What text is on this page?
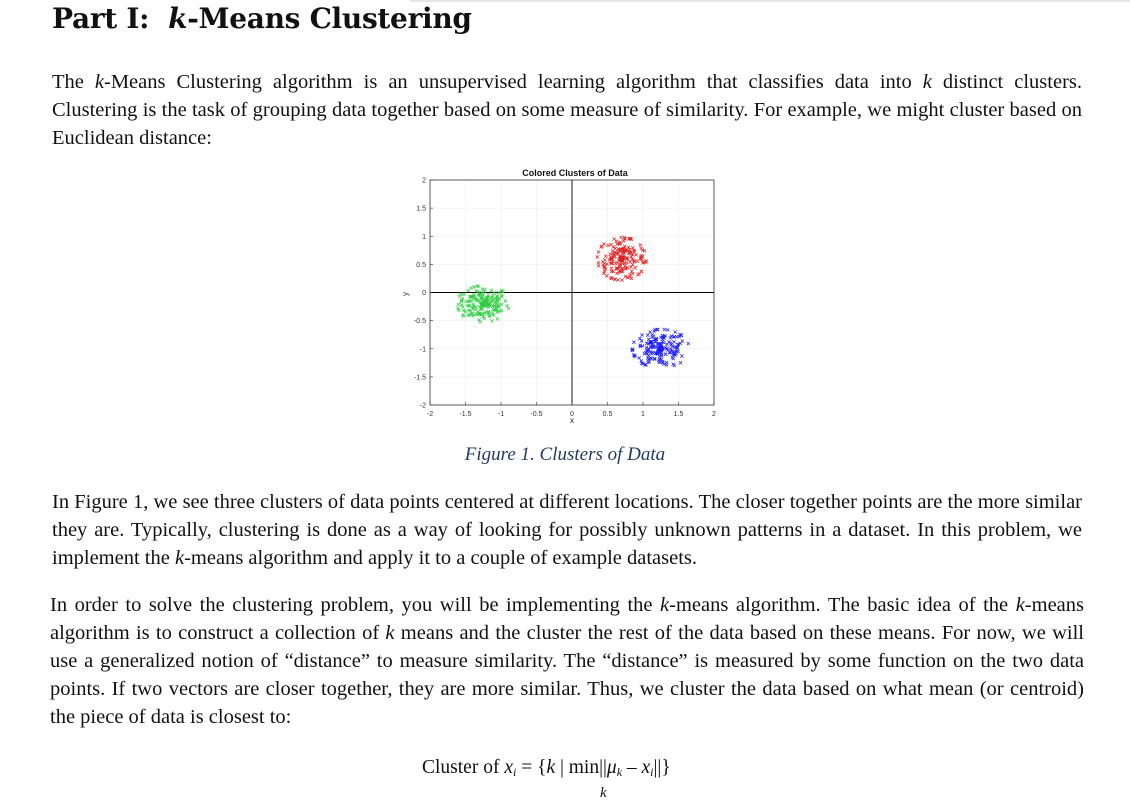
Part I: k-Means Clustering

The k-Means Clustering algorithm is an unsupervised learning algorithm that classifies data into k distinct clusters. Clustering is the task of grouping data together based on some measure of similarity. For example, we might cluster based on Euclidean distance:

Colored Clusters of Data
-2	-1.5	-1	-0.5	0	0.5	1	1.5	2
2
1.5
1
0.5
0
-0.5
-1
-1.5
-2
x
y
Figure 1. Clusters of Data

In Figure 1, we see three clusters of data points centered at different locations. The closer together points are the more similar they are. Typically, clustering is done as a way of looking for possibly unknown patterns in a dataset. In this problem, we implement the k-means algorithm and apply it to a couple of example datasets.

In order to solve the clustering problem, you will be implementing the k-means algorithm. The basic idea of the k-means algorithm is to construct a collection of k means and the cluster the rest of the data based on these means. For now, we will use a generalized notion of “distance” to measure similarity. The “distance” is measured by some function on the two data points. If two vectors are closer together, they are more similar. Thus, we cluster the data based on what mean (or centroid) the piece of data is closest to:

Cluster of $x_i = \{k$ | $\min||\mu_k - x_i||$}
k
